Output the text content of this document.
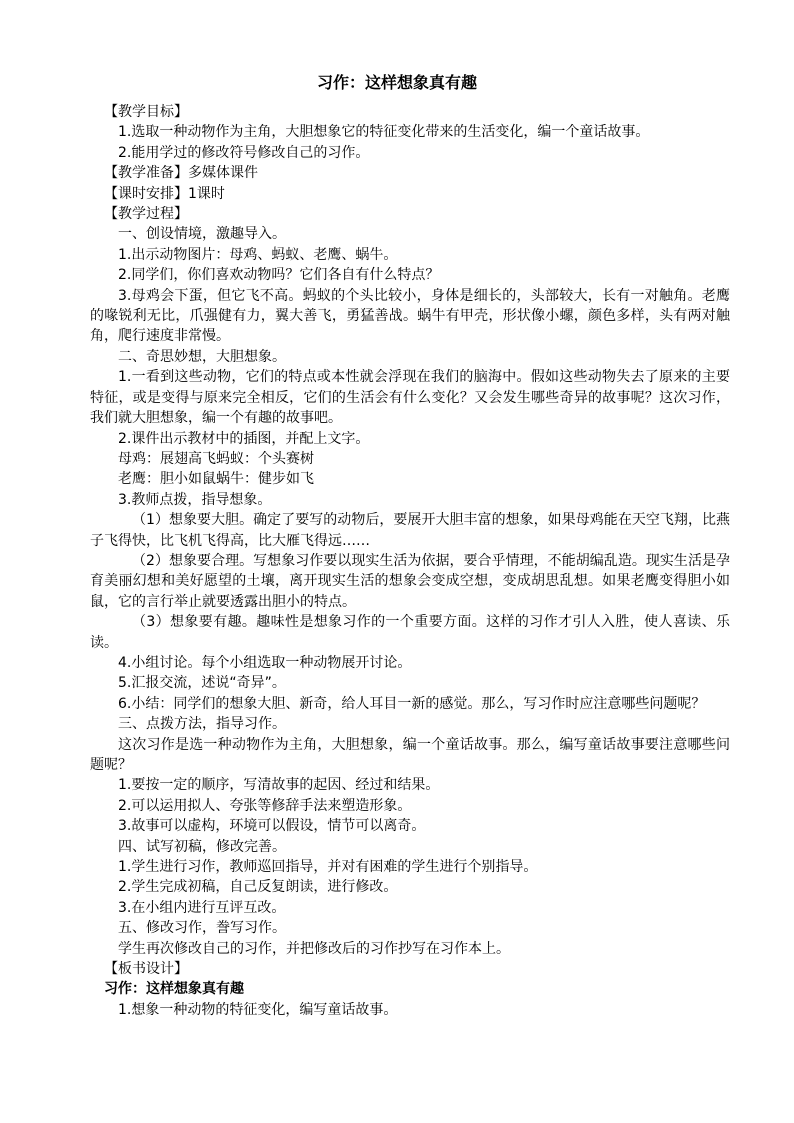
习作：这样想象真有趣

【教学目标】

1.选取一种动物作为主角，大胆想象它的特征变化带来的生活变化，编一个童话故事。

2.能用学过的修改符号修改自己的习作。

【教学准备】多媒体课件

【课时安排】1课时

【教学过程】

一、创设情境，激趣导入。

1.出示动物图片：母鸡、蚂蚁、老鹰、蜗牛。

2.同学们，你们喜欢动物吗？它们各自有什么特点？

3.母鸡会下蛋，但它飞不高。蚂蚁的个头比较小，身体是细长的，头部较大，长有一对触角。老鹰的喙锐利无比，爪强健有力，翼大善飞，勇猛善战。蜗牛有甲壳，形状像小螺，颜色多样，头有两对触角，爬行速度非常慢。

二、奇思妙想，大胆想象。

1.一看到这些动物，它们的特点或本性就会浮现在我们的脑海中。假如这些动物失去了原来的主要特征，或是变得与原来完全相反，它们的生活会有什么变化？又会发生哪些奇异的故事呢？这次习作，我们就大胆想象，编一个有趣的故事吧。

2.课件出示教材中的插图，并配上文字。

母鸡：展翅高飞蚂蚁：个头赛树

老鹰：胆小如鼠蜗牛：健步如飞

3.教师点拨，指导想象。

（1）想象要大胆。确定了要写的动物后，要展开大胆丰富的想象，如果母鸡能在天空飞翔，比燕子飞得快，比飞机飞得高，比大雁飞得远……

（2）想象要合理。写想象习作要以现实生活为依据，要合乎情理，不能胡编乱造。现实生活是孕育美丽幻想和美好愿望的土壤，离开现实生活的想象会变成空想，变成胡思乱想。如果老鹰变得胆小如鼠，它的言行举止就要透露出胆小的特点。

（3）想象要有趣。趣味性是想象习作的一个重要方面。这样的习作才引人入胜，使人喜读、乐读。

4.小组讨论。每个小组选取一种动物展开讨论。

5.汇报交流，述说“奇异”。

6.小结：同学们的想象大胆、新奇，给人耳目一新的感觉。那么，写习作时应注意哪些问题呢？

三、点拨方法，指导习作。

这次习作是选一种动物作为主角，大胆想象，编一个童话故事。那么，编写童话故事要注意哪些问题呢？

1.要按一定的顺序，写清故事的起因、经过和结果。

2.可以运用拟人、夸张等修辞手法来塑造形象。

3.故事可以虚构，环境可以假设，情节可以离奇。

四、试写初稿，修改完善。

1.学生进行习作，教师巡回指导，并对有困难的学生进行个别指导。

2.学生完成初稿，自己反复朗读，进行修改。

3.在小组内进行互评互改。

五、修改习作，誊写习作。

学生再次修改自己的习作，并把修改后的习作抄写在习作本上。

【板书设计】

习作：这样想象真有趣

1.想象一种动物的特征变化，编写童话故事。
